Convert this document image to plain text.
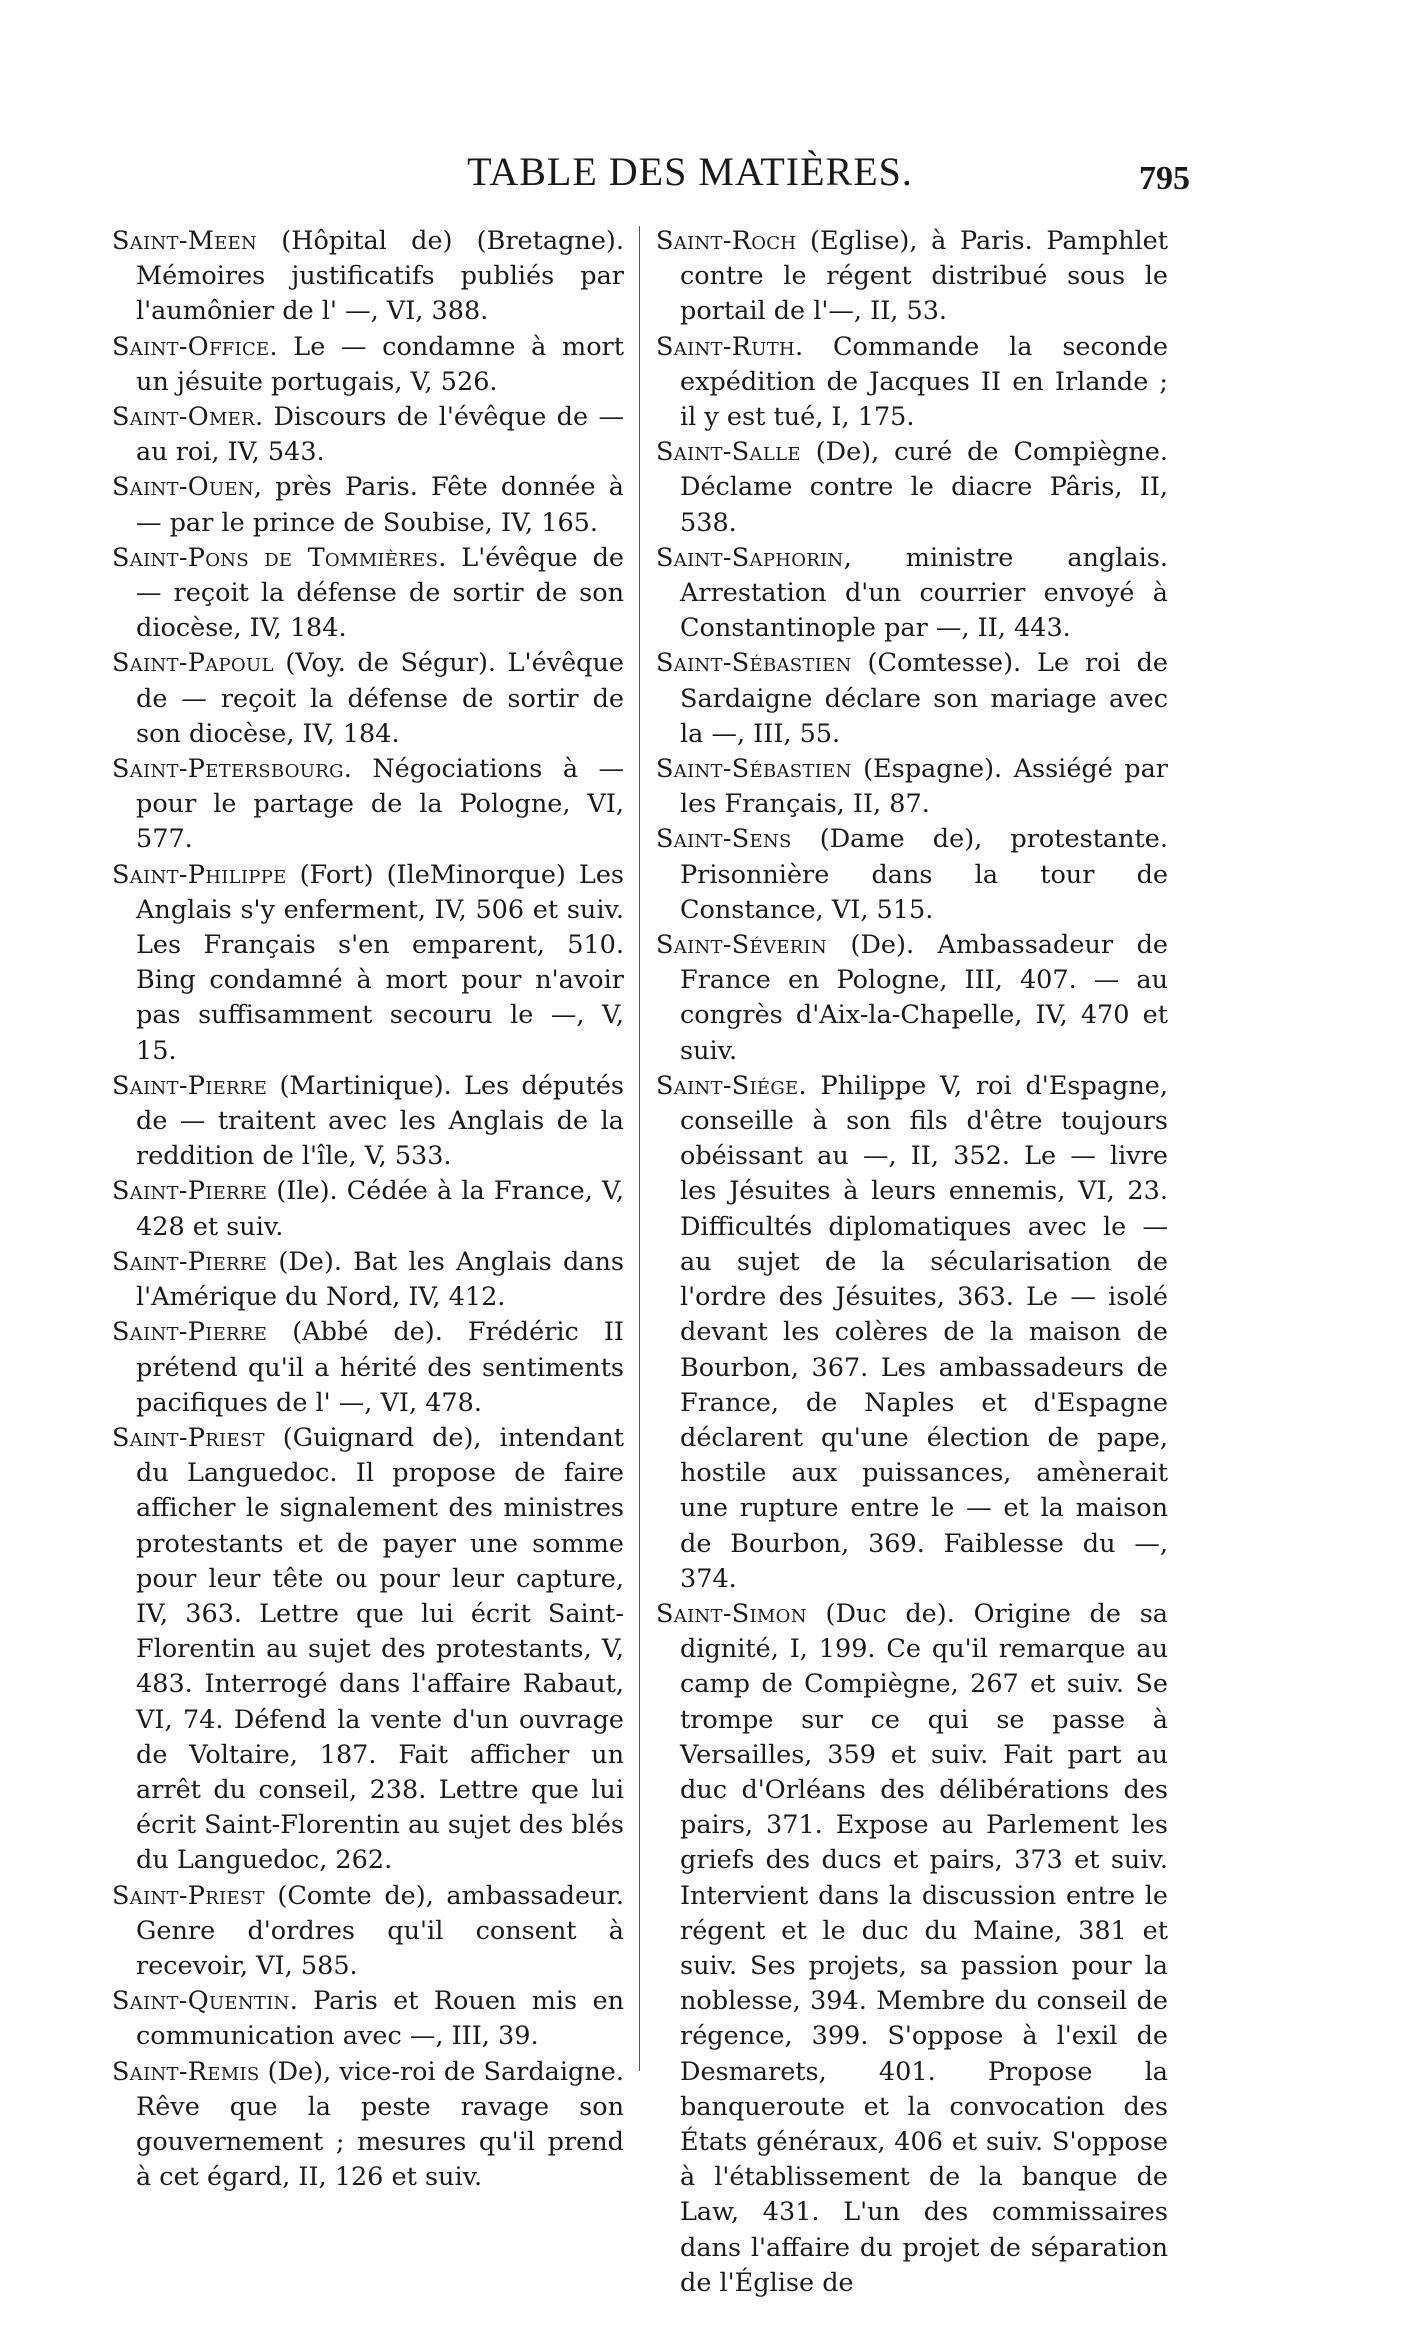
TABLE DES MATIÈRES.	795

Saint-Meen (Hôpital de) (Bretagne). Mémoires justificatifs publiés par l'aumônier de l' —, VI, 388.

Saint-Office. Le — condamne à mort un jésuite portugais, V, 526.

Saint-Omer. Discours de l'évêque de — au roi, IV, 543.

Saint-Ouen, près Paris. Fête donnée à — par le prince de Soubise, IV, 165.

Saint-Pons de Tommières. L'évêque de — reçoit la défense de sortir de son diocèse, IV, 184.

Saint-Papoul (Voy. de Ségur). L'évêque de — reçoit la défense de sortir de son diocèse, IV, 184.

Saint-Petersbourg. Négociations à — pour le partage de la Pologne, VI, 577.

Saint-Philippe (Fort) (IleMinorque) Les Anglais s'y enferment, IV, 506 et suiv. Les Français s'en emparent, 510. Bing condamné à mort pour n'avoir pas suffisamment secouru le —, V, 15.

Saint-Pierre (Martinique). Les députés de — traitent avec les Anglais de la reddition de l'île, V, 533.

Saint-Pierre (Ile). Cédée à la France, V, 428 et suiv.

Saint-Pierre (De). Bat les Anglais dans l'Amérique du Nord, IV, 412.

Saint-Pierre (Abbé de). Frédéric II prétend qu'il a hérité des sentiments pacifiques de l' —, VI, 478.

Saint-Priest (Guignard de), intendant du Languedoc. Il propose de faire afficher le signalement des ministres protestants et de payer une somme pour leur tête ou pour leur capture, IV, 363. Lettre que lui écrit Saint-Florentin au sujet des protestants, V, 483. Interrogé dans l'affaire Rabaut, VI, 74. Défend la vente d'un ouvrage de Voltaire, 187. Fait afficher un arrêt du conseil, 238. Lettre que lui écrit Saint-Florentin au sujet des blés du Languedoc, 262.

Saint-Priest (Comte de), ambassadeur. Genre d'ordres qu'il consent à recevoir, VI, 585.

Saint-Quentin. Paris et Rouen mis en communication avec —, III, 39.

Saint-Remis (De), vice-roi de Sardaigne. Rêve que la peste ravage son gouvernement ; mesures qu'il prend à cet égard, II, 126 et suiv.

Saint-Roch (Eglise), à Paris. Pamphlet contre le régent distribué sous le portail de l'—, II, 53.

Saint-Ruth. Commande la seconde expédition de Jacques II en Irlande ; il y est tué, I, 175.

Saint-Salle (De), curé de Compiègne. Déclame contre le diacre Pâris, II, 538.

Saint-Saphorin, ministre anglais. Arrestation d'un courrier envoyé à Constantinople par —, II, 443.

Saint-Sébastien (Comtesse). Le roi de Sardaigne déclare son mariage avec la —, III, 55.

Saint-Sébastien (Espagne). Assiégé par les Français, II, 87.

Saint-Sens (Dame de), protestante. Prisonnière dans la tour de Constance, VI, 515.

Saint-Séverin (De). Ambassadeur de France en Pologne, III, 407. — au congrès d'Aix-la-Chapelle, IV, 470 et suiv.

Saint-Siége. Philippe V, roi d'Espagne, conseille à son fils d'être toujours obéissant au —, II, 352. Le — livre les Jésuites à leurs ennemis, VI, 23. Difficultés diplomatiques avec le — au sujet de la sécularisation de l'ordre des Jésuites, 363. Le — isolé devant les colères de la maison de Bourbon, 367. Les ambassadeurs de France, de Naples et d'Espagne déclarent qu'une élection de pape, hostile aux puissances, amènerait une rupture entre le — et la maison de Bourbon, 369. Faiblesse du —, 374.

Saint-Simon (Duc de). Origine de sa dignité, I, 199. Ce qu'il remarque au camp de Compiègne, 267 et suiv. Se trompe sur ce qui se passe à Versailles, 359 et suiv. Fait part au duc d'Orléans des délibérations des pairs, 371. Expose au Parlement les griefs des ducs et pairs, 373 et suiv. Intervient dans la discussion entre le régent et le duc du Maine, 381 et suiv. Ses projets, sa passion pour la noblesse, 394. Membre du conseil de régence, 399. S'oppose à l'exil de Desmarets, 401. Propose la banqueroute et la convocation des États généraux, 406 et suiv. S'oppose à l'établissement de la banque de Law, 431. L'un des commissaires dans l'affaire du projet de séparation de l'Église de
